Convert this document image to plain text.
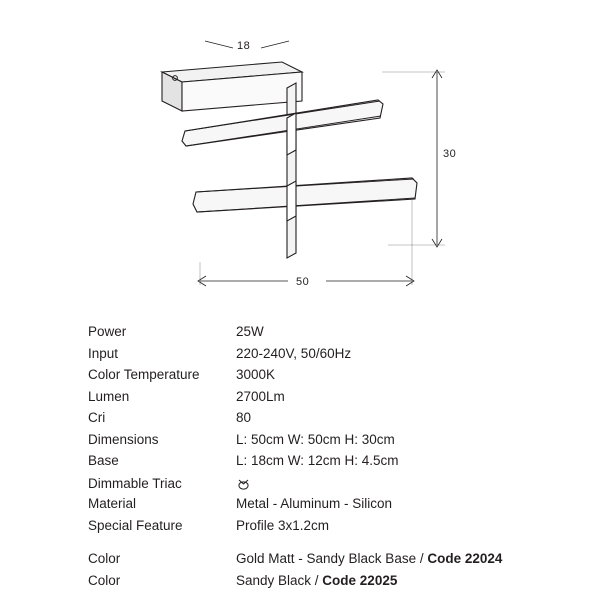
18
30
50
Power	25W
Input	220-240V, 50/60Hz
Color Temperature	3000K
Lumen	2700Lm
Cri	80
Dimensions	L: 50cm W: 50cm H: 30cm
Base	L: 18cm W: 12cm H: 4.5cm
Dimmable Triac
Material	Metal - Aluminum - Silicon
Special Feature	Profile 3x1.2cm
Color	Gold Matt - Sandy Black Base / Code 22024
Color	Sandy Black / Code 22025
